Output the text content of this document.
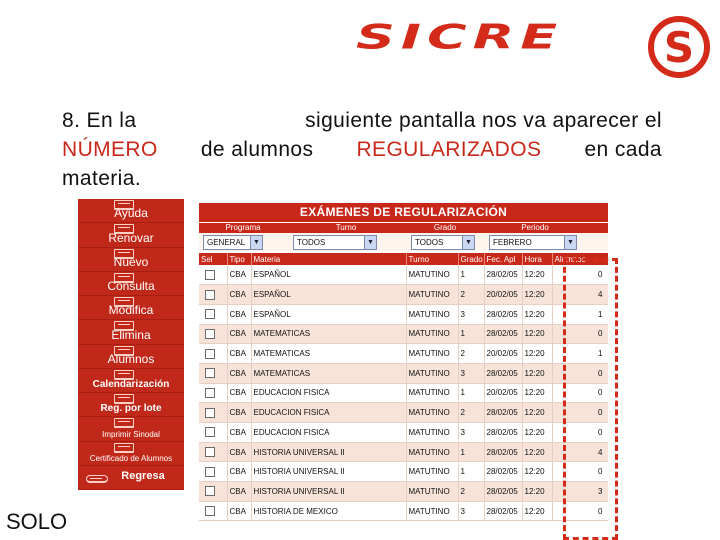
SICRE	S
8. En la	siguiente pantalla nos va aparecer el
NÚMERO de alumnos REGULARIZADOS en cada
materia.
SOLO
Ayuda
Renovar
Nuevo
Consulta
Modifica
Elimina
Alumnos
Calendarización
Reg. por lote
Imprimir Sinodal
Certificado de Alumnos
Regresa
EXÁMENES DE REGULARIZACIÓN
Programa	Turno	Grado	Periodo
GENERAL	▼	TODOS	▼	TODOS	▼	FEBRERO	▼
Sel	Tipo	Materia	Turno	Grado	Fec. Apl	Hora	Alumnos
	CBA	ESPAÑOL	MATUTINO	1	28/02/05	12:20	0
	CBA	ESPAÑOL	MATUTINO	2	20/02/05	12:20	4
	CBA	ESPAÑOL	MATUTINO	3	28/02/05	12:20	1
	CBA	MATEMATICAS	MATUTINO	1	28/02/05	12:20	0
	CBA	MATEMATICAS	MATUTINO	2	20/02/05	12:20	1
	CBA	MATEMATICAS	MATUTINO	3	28/02/05	12:20	0
	CBA	EDUCACION FISICA	MATUTINO	1	20/02/05	12:20	0
	CBA	EDUCACION FISICA	MATUTINO	2	28/02/05	12:20	0
	CBA	EDUCACION FISICA	MATUTINO	3	28/02/05	12:20	0
	CBA	HISTORIA UNIVERSAL II	MATUTINO	1	28/02/05	12:20	4
	CBA	HISTORIA UNIVERSAL II	MATUTINO	1	28/02/05	12:20	0
	CBA	HISTORIA UNIVERSAL II	MATUTINO	2	28/02/05	12:20	3
	CBA	HISTORIA DE MEXICO	MATUTINO	3	28/02/05	12:20	0
